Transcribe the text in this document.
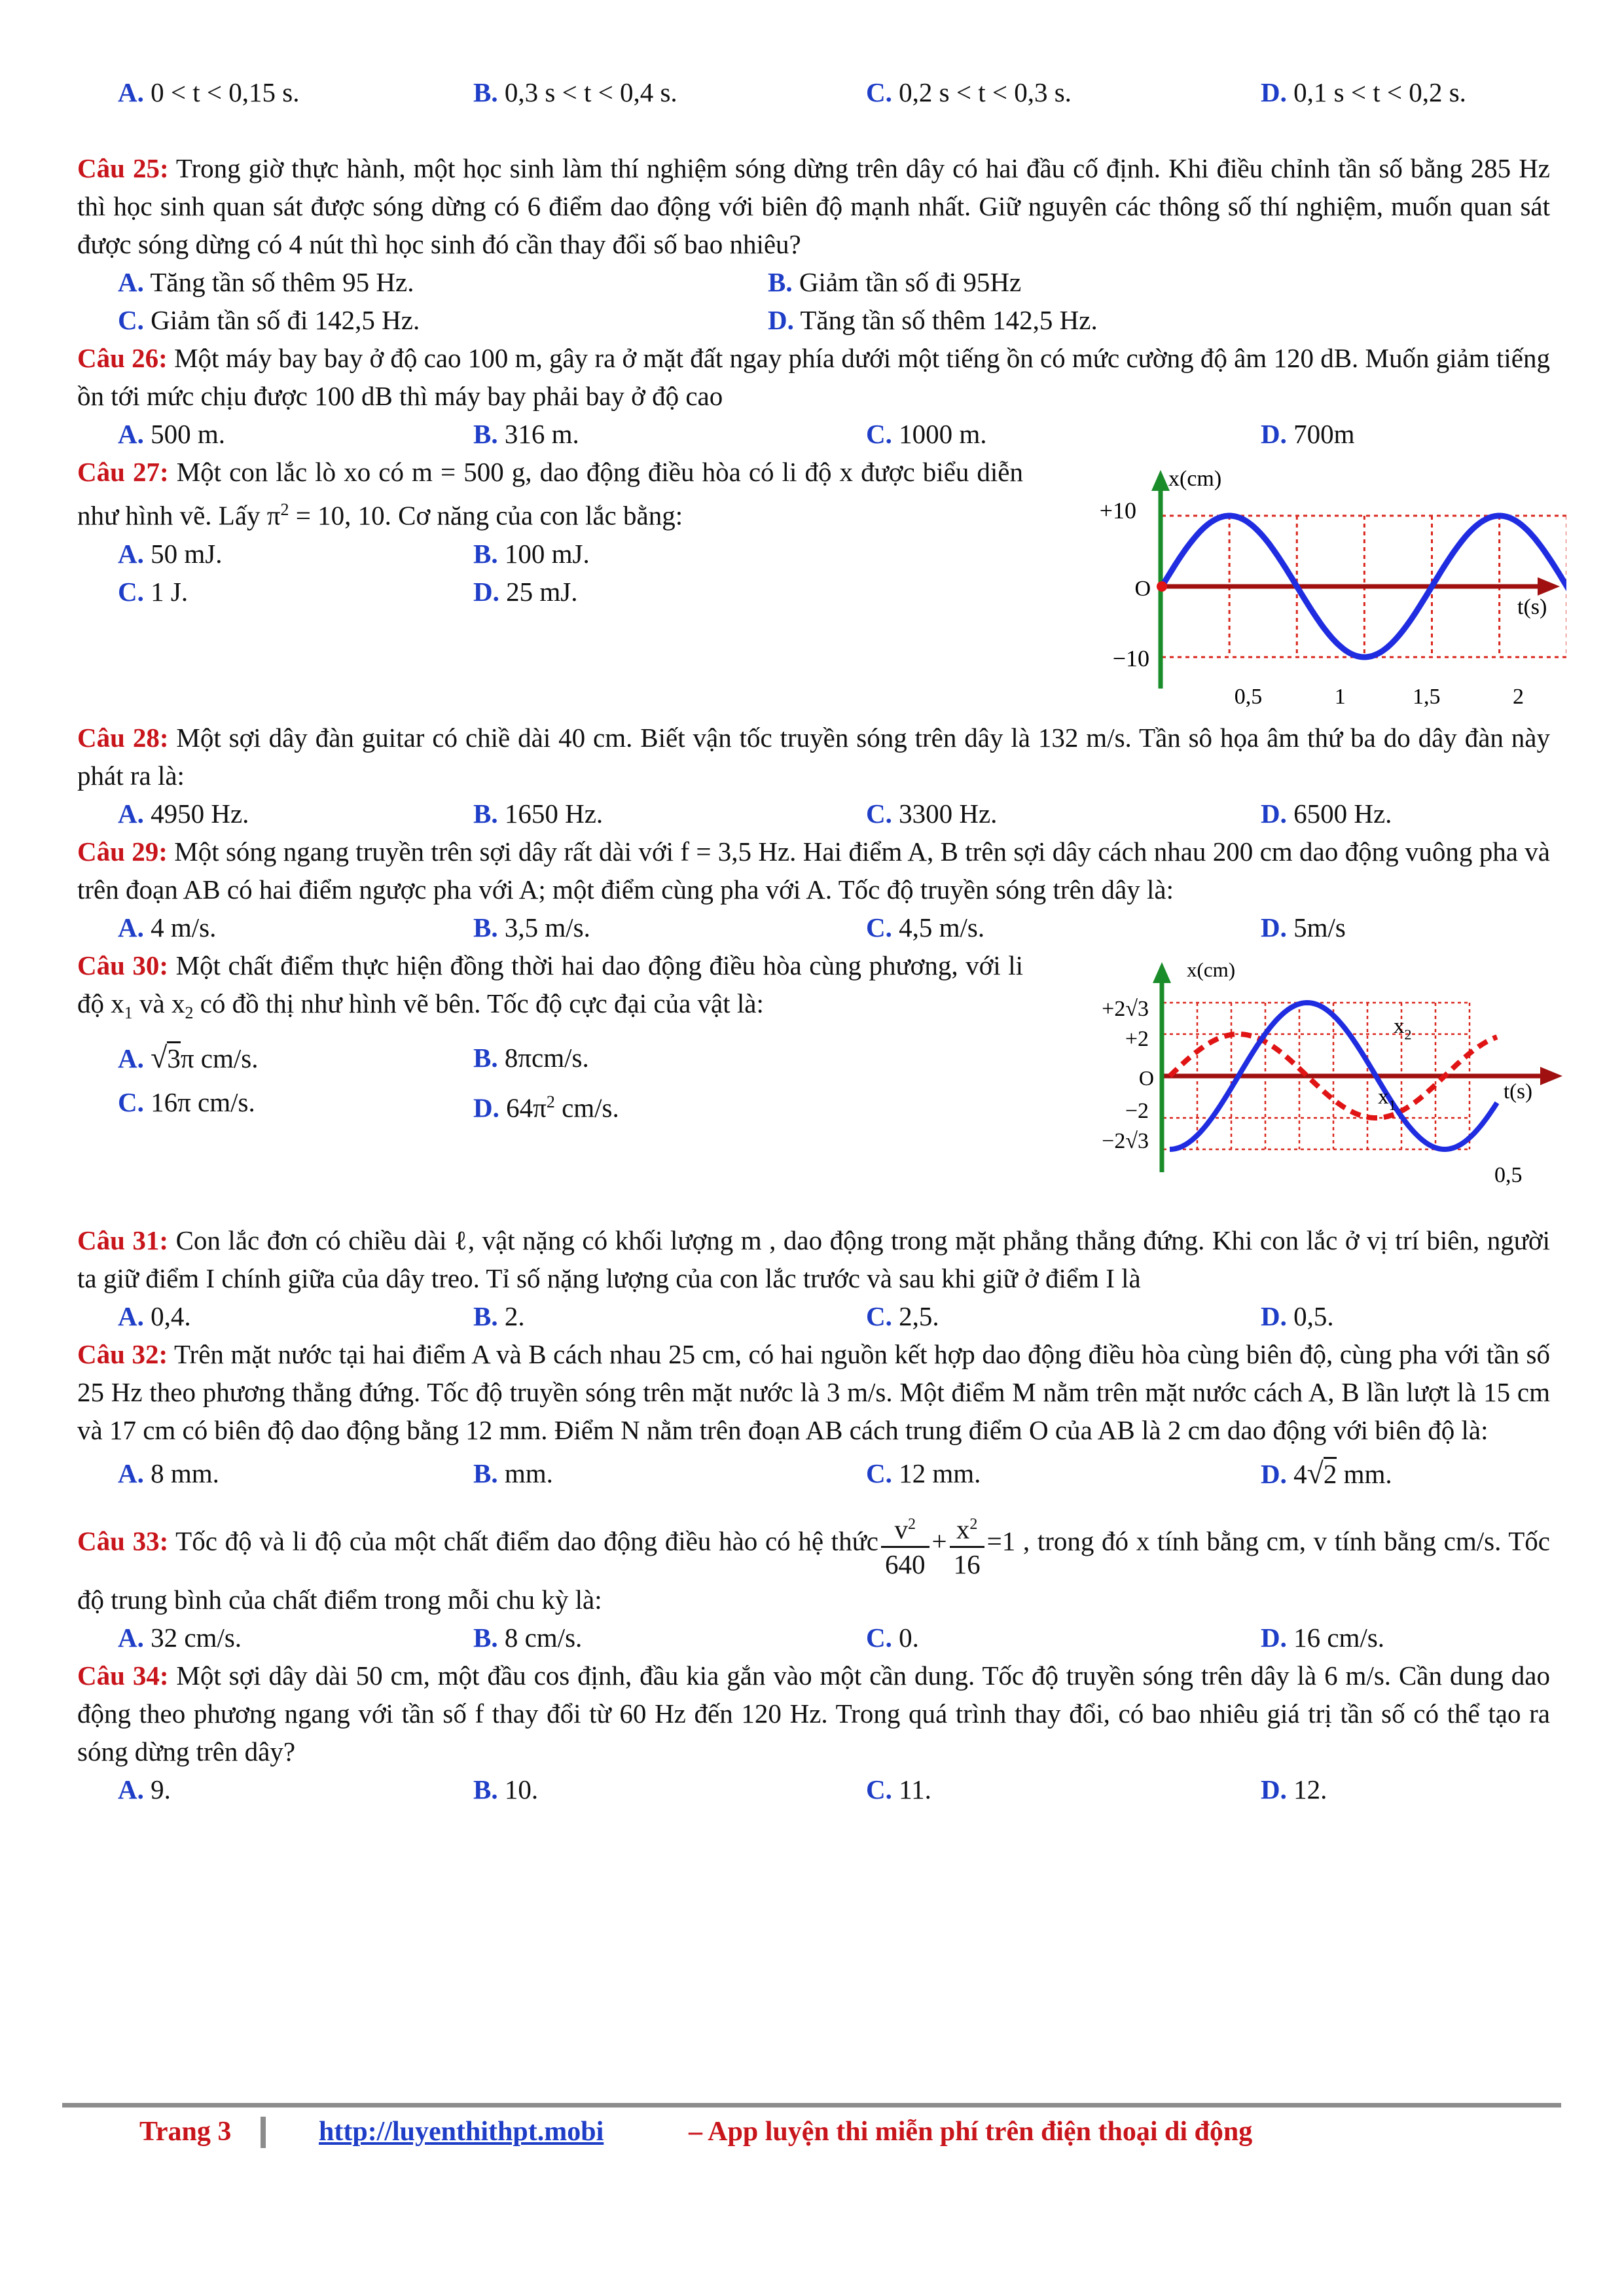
A. 0 < t < 0,15 s.	B. 0,3 s < t < 0,4 s.	C. 0,2 s < t < 0,3 s.	D. 0,1 s < t < 0,2 s.

Câu 25: Trong giờ thực hành, một học sinh làm thí nghiệm sóng dừng trên dây có hai đầu cố định. Khi điều chỉnh tần số bằng 285 Hz thì học sinh quan sát được sóng dừng có 6 điểm dao động với biên độ mạnh nhất. Giữ nguyên các thông số thí nghiệm, muốn quan sát được sóng dừng có 4 nút thì học sinh đó cần thay đổi số bao nhiêu?

A. Tăng tần số thêm 95 Hz.	B. Giảm tần số đi 95Hz
C. Giảm tần số đi 142,5 Hz.	D. Tăng tần số thêm 142,5 Hz.

Câu 26: Một máy bay bay ở độ cao 100 m, gây ra ở mặt đất ngay phía dưới một tiếng ồn có mức cường độ âm 120 dB. Muốn giảm tiếng ồn tới mức chịu được 100 dB thì máy bay phải bay ở độ cao

A. 500 m.	B. 316 m.	C. 1000 m.	D. 700m

Câu 27: Một con lắc lò xo có m = 500 g, dao động điều hòa có li độ x được biểu diễn như hình vẽ. Lấy $\pi^2 = 10$, 10. Cơ năng của con lắc bằng:

A. 50 mJ.	B. 100 mJ.
C. 1 J.	D. 25 mJ.
x(cm)
t(s)
+10
O
−10
0,5	1	1,5	2

Câu 28: Một sợi dây đàn guitar có chiề dài 40 cm. Biết vận tốc truyền sóng trên dây là 132 m/s. Tần sô họa âm thứ ba do dây đàn này phát ra là:

A. 4950 Hz.	B. 1650 Hz.	C. 3300 Hz.	D. 6500 Hz.

Câu 29: Một sóng ngang truyền trên sợi dây rất dài với f = 3,5 Hz. Hai điểm A, B trên sợi dây cách nhau 200 cm dao động vuông pha và trên đoạn AB có hai điểm ngược pha với A; một điểm cùng pha với A. Tốc độ truyền sóng trên dây là:

A. 4 m/s.	B. 3,5 m/s.	C. 4,5 m/s.	D. 5m/s

Câu 30: Một chất điểm thực hiện đồng thời hai dao động điều hòa cùng phương, với li độ $x_1$ và $x_2$ có đồ thị như hình vẽ bên. Tốc độ cực đại của vật là:

A. √3π cm/s.	B. 8πcm/s.
C. 16π cm/s.	D. $64\pi^2$ cm/s.
x(cm)
t(s)
+2√3
+2
O
−2
−2√3
$x_2$
$x_1$
0,5

Câu 31: Con lắc đơn có chiều dài ℓ, vật nặng có khối lượng m , dao động trong mặt phẳng thẳng đứng. Khi con lắc ở vị trí biên, người ta giữ điểm I chính giữa của dây treo. Tỉ số nặng lượng của con lắc trước và sau khi giữ ở điểm I là

A. 0,4.	B. 2.	C. 2,5.	D. 0,5.

Câu 32: Trên mặt nước tại hai điểm A và B cách nhau 25 cm, có hai nguồn kết hợp dao động điều hòa cùng biên độ, cùng pha với tần số 25 Hz theo phương thẳng đứng. Tốc độ truyền sóng trên mặt nước là 3 m/s. Một điểm M nằm trên mặt nước cách A, B lần lượt là 15 cm và 17 cm có biên độ dao động bằng 12 mm. Điểm N nằm trên đoạn AB cách trung điểm O của AB là 2 cm dao động với biên độ là:

A. 8 mm.	B. mm.	C. 12 mm.	D. 4√2 mm.

Câu 33: Tốc độ và li độ của một chất điểm dao động điều hào có hệ thức $\frac{v^2}{640} + \frac{x^2}{16} =1$ , trong đó x tính bằng cm, v tính bằng cm/s. Tốc độ trung bình của chất điểm trong mỗi chu kỳ là:

A. 32 cm/s.	B. 8 cm/s.	C. 0.	D. 16 cm/s.

Câu 34: Một sợi dây dài 50 cm, một đầu cos định, đầu kia gắn vào một cần dung. Tốc độ truyền sóng trên dây là 6 m/s. Cần dung dao động theo phương ngang với tần số f thay đổi từ 60 Hz đến 120 Hz. Trong quá trình thay đổi, có bao nhiêu giá trị tần số có thể tạo ra sóng dừng trên dây?

A. 9.	B. 10.	C. 11.	D. 12.
Trang 3	http://luyenthithpt.mobi	– App luyện thi miễn phí trên điện thoại di động
